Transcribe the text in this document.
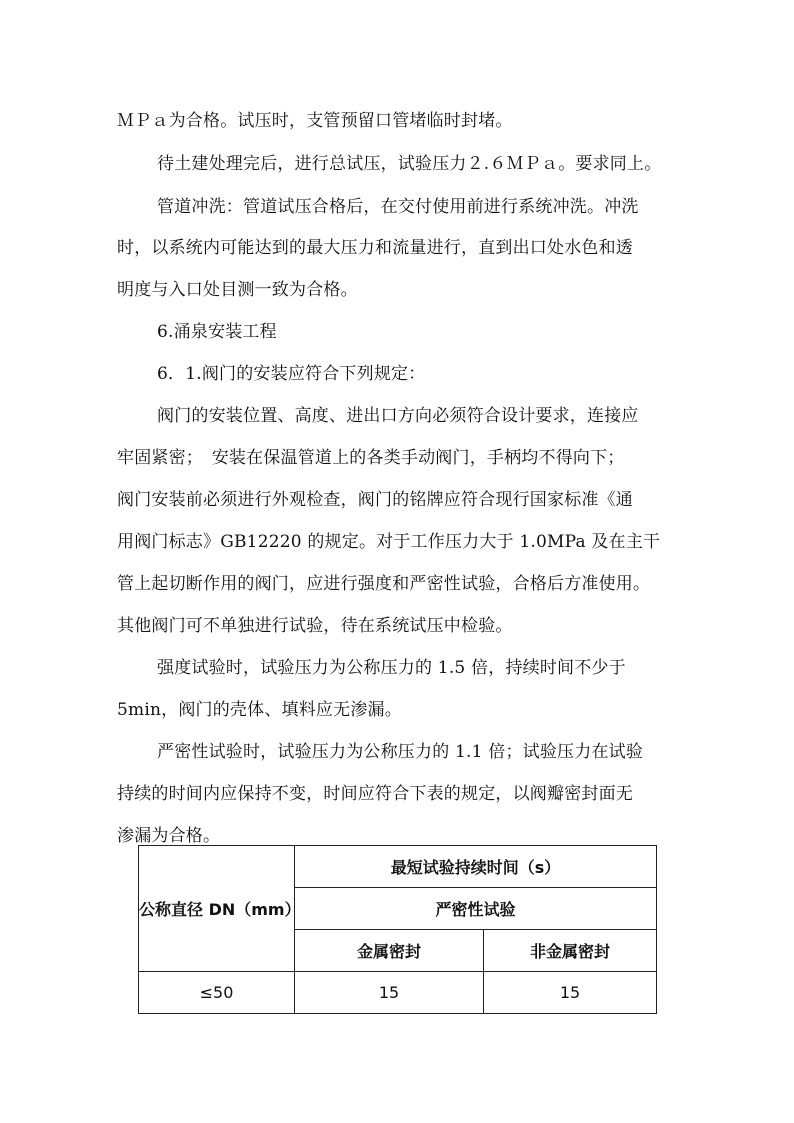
ＭＰａ为合格。试压时，支管预留口管堵临时封堵。
待土建处理完后，进行总试压，试验压力２.６ＭＰａ。要求同上。
管道冲洗：管道试压合格后，在交付使用前进行系统冲洗。冲洗
时，以系统内可能达到的最大压力和流量进行，直到出口处水色和透
明度与入口处目测一致为合格。
6.涌泉安装工程
6．1.阀门的安装应符合下列规定：
阀门的安装位置、高度、进出口方向必须符合设计要求，连接应
牢固紧密；　安装在保温管道上的各类手动阀门，手柄均不得向下；
阀门安装前必须进行外观检查，阀门的铭牌应符合现行国家标准《通
用阀门标志》GB12220 的规定。对于工作压力大于 1.0MPa 及在主干
管上起切断作用的阀门，应进行强度和严密性试验，合格后方准使用。
其他阀门可不单独进行试验，待在系统试压中检验。
强度试验时，试验压力为公称压力的 1.5 倍，持续时间不少于
5min，阀门的壳体、填料应无渗漏。
严密性试验时，试验压力为公称压力的 1.1 倍；试验压力在试验
持续的时间内应保持不变，时间应符合下表的规定，以阀瓣密封面无
渗漏为合格。
公称直径 DN（mm）	最短试验持续时间（s）	
	严密性试验	
	金属密封	非金属密封
≤50	15	15
